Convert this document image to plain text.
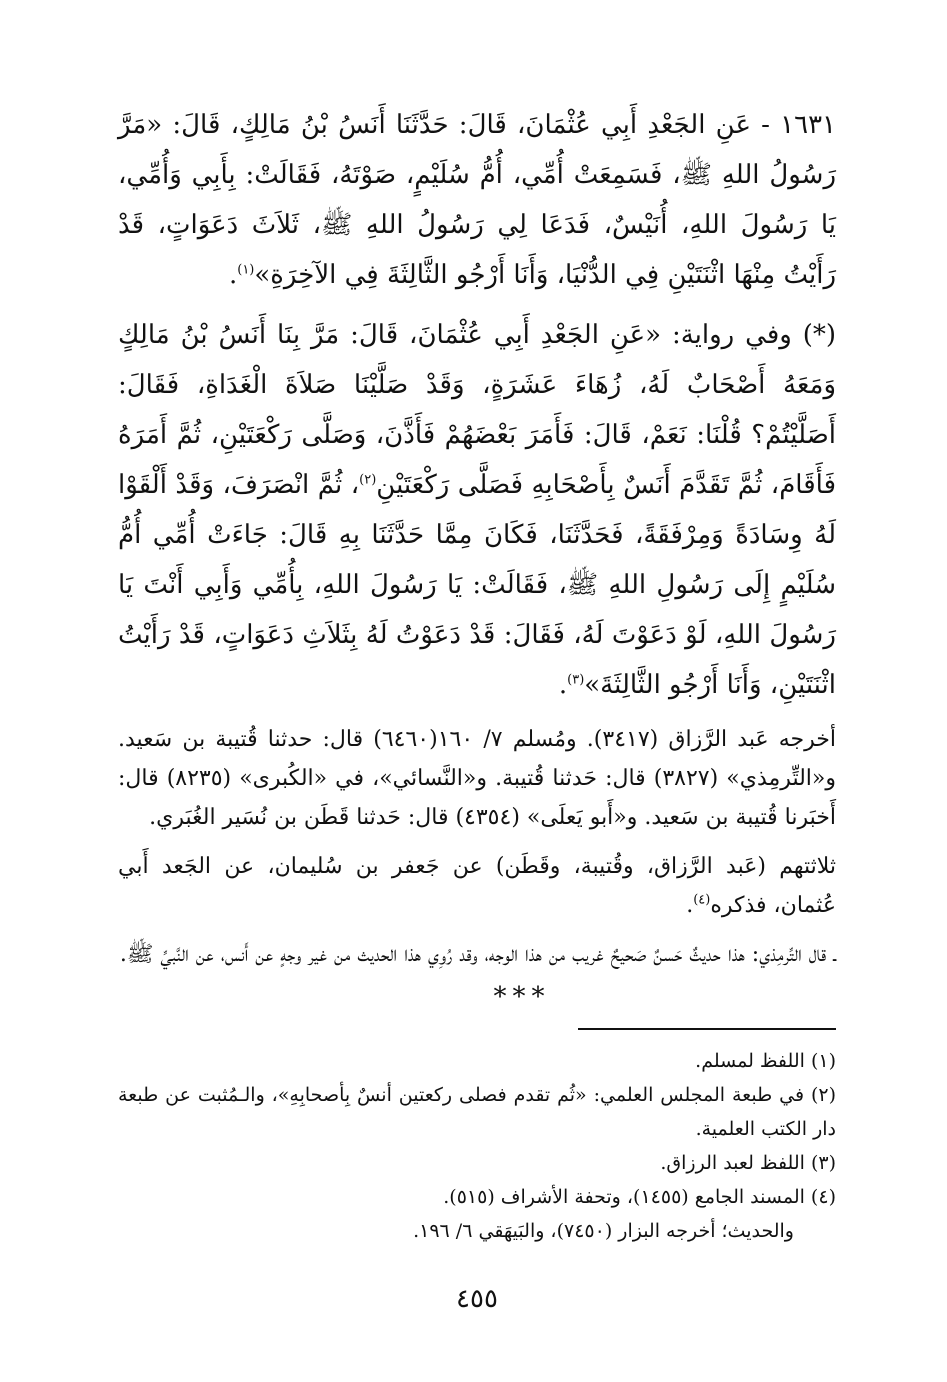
١٦٣١ - عَنِ الجَعْدِ أَبِي عُثْمَانَ، قَالَ: حَدَّثَنَا أَنَسُ بْنُ مَالِكٍ، قَالَ: «مَرَّ رَسُولُ اللهِ ﷺ، فَسَمِعَتْ أُمِّي، أُمُّ سُلَيْمٍ، صَوْتَهُ، فَقَالَتْ: بِأَبِي وَأُمِّي، يَا رَسُولَ اللهِ، أُنَيْسٌ، فَدَعَا لِي رَسُولُ اللهِ ﷺ، ثَلاَثَ دَعَوَاتٍ، قَدْ رَأَيْتُ مِنْهَا اثْنَتَيْنِ فِي الدُّنْيَا، وَأَنَا أَرْجُو الثَّالِثَةَ فِي الآخِرَةِ»$^{(١)}$.

(*) وفي رواية: «عَنِ الجَعْدِ أَبِي عُثْمَانَ، قَالَ: مَرَّ بِنَا أَنَسُ بْنُ مَالِكٍ وَمَعَهُ أَصْحَابٌ لَهُ، زُهَاءَ عَشَرَةٍ، وَقَدْ صَلَّيْنَا صَلاَةَ الْغَدَاةِ، فَقَالَ: أَصَلَّيْتُمْ؟ قُلْنَا: نَعَمْ، قَالَ: فَأَمَرَ بَعْضَهُمْ فَأَذَّنَ، وَصَلَّى رَكْعَتَيْنِ، ثُمَّ أَمَرَهُ فَأَقَامَ، ثُمَّ تَقَدَّمَ أَنَسٌ بِأَصْحَابِهِ فَصَلَّى رَكْعَتَيْنِ$^{(٢)}$، ثُمَّ انْصَرَفَ، وَقَدْ أَلْقَوْا لَهُ وِسَادَةً وَمِرْفَقَةً، فَحَدَّثَنَا، فَكَانَ مِمَّا حَدَّثَنَا بِهِ قَالَ: جَاءَتْ أُمِّي أُمُّ سُلَيْمٍ إِلَى رَسُولِ اللهِ ﷺ، فَقَالَتْ: يَا رَسُولَ اللهِ، بِأُمِّي وَأَبِي أَنْتَ يَا رَسُولَ اللهِ، لَوْ دَعَوْتَ لَهُ، فَقَالَ: قَدْ دَعَوْتُ لَهُ بِثَلاَثِ دَعَوَاتٍ، قَدْ رَأَيْتُ اثْنَتَيْنِ، وَأَنَا أَرْجُو الثَّالِثَةَ»$^{(٣)}$.

أخرجه عَبد الرَّزاق (٣٤١٧). ومُسلم ٧/ ١٦٠(٦٤٦٠) قال: حدثنا قُتيبة بن سَعيد. و«التِّرمِذي» (٣٨٢٧) قال: حَدثنا قُتيبة. و«النَّسائي»، في «الكُبرى» (٨٢٣٥) قال: أَخبَرنا قُتيبة بن سَعيد. و«أَبو يَعلَى» (٤٣٥٤) قال: حَدثنا قَطَن بن نُسَير الغُبَري.

ثلاثتهم (عَبد الرَّزاق، وقُتيبة، وقَطَن) عن جَعفر بن سُليمان، عن الجَعد أَبي عُثمان، فذكره$^{(٤)}$.

ـ قال التِّرمِذي: هذا حديثٌ حَسنٌ صَحيحٌ غريب من هذا الوجه، وقد رُوِي هذا الحديث من غير وجهٍ عن أَنس، عن النَّبيِّ ﷺ.

***

(١) اللفظ لمسلم.

(٢) في طبعة المجلس العلمي: «ثُم تقدم فصلى ركعتين أنسٌ بِأصحابِهِ»، والـمُثبت عن طبعة دار الكتب العلمية.

(٣) اللفظ لعبد الرزاق.

(٤) المسند الجامع (١٤٥٥)، وتحفة الأشراف (٥١٥).

والحديث؛ أخرجه البزار (٧٤٥٠)، والبَيهَقي ٦/ ١٩٦.

٤٥٥
